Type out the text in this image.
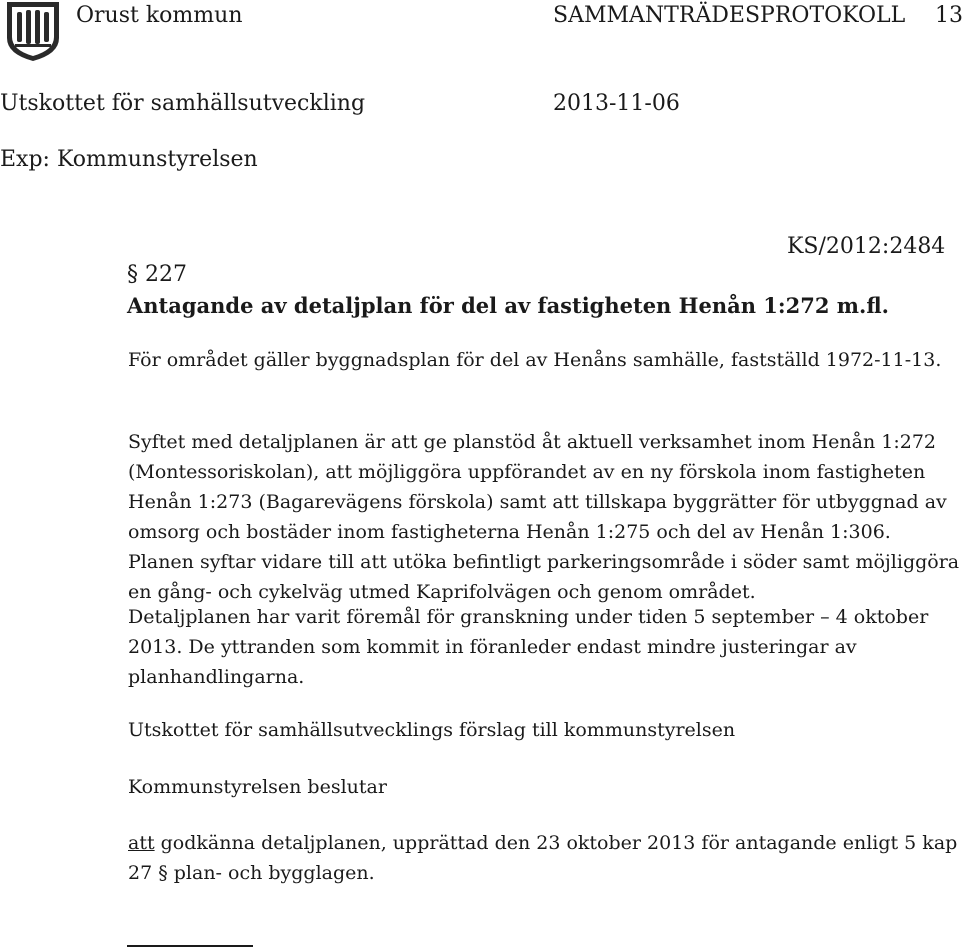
Orust kommun	SAMMANTRÄDESPROTOKOLL 13
Utskottet för samhällsutveckling	2013-11-06
Exp: Kommunstyrelsen
KS/2012:2484
§ 227
Antagande av detaljplan för del av fastigheten Henån 1:272 m.fl.
För området gäller byggnadsplan för del av Henåns samhälle, fastställd 1972-11-13.
Syftet med detaljplanen är att ge planstöd åt aktuell verksamhet inom Henån 1:272
(Montessoriskolan), att möjliggöra uppförandet av en ny förskola inom fastigheten
Henån 1:273 (Bagarevägens förskola) samt att tillskapa byggrätter för utbyggnad av
omsorg och bostäder inom fastigheterna Henån 1:275 och del av Henån 1:306.
Planen syftar vidare till att utöka befintligt parkeringsområde i söder samt möjliggöra
en gång- och cykelväg utmed Kaprifolvägen och genom området.
Detaljplanen har varit föremål för granskning under tiden 5 september – 4 oktober
2013. De yttranden som kommit in föranleder endast mindre justeringar av
planhandlingarna.
Utskottet för samhällsutvecklings förslag till kommunstyrelsen
Kommunstyrelsen beslutar
att godkänna detaljplanen, upprättad den 23 oktober 2013 för antagande enligt 5 kap
27 § plan- och bygglagen.
